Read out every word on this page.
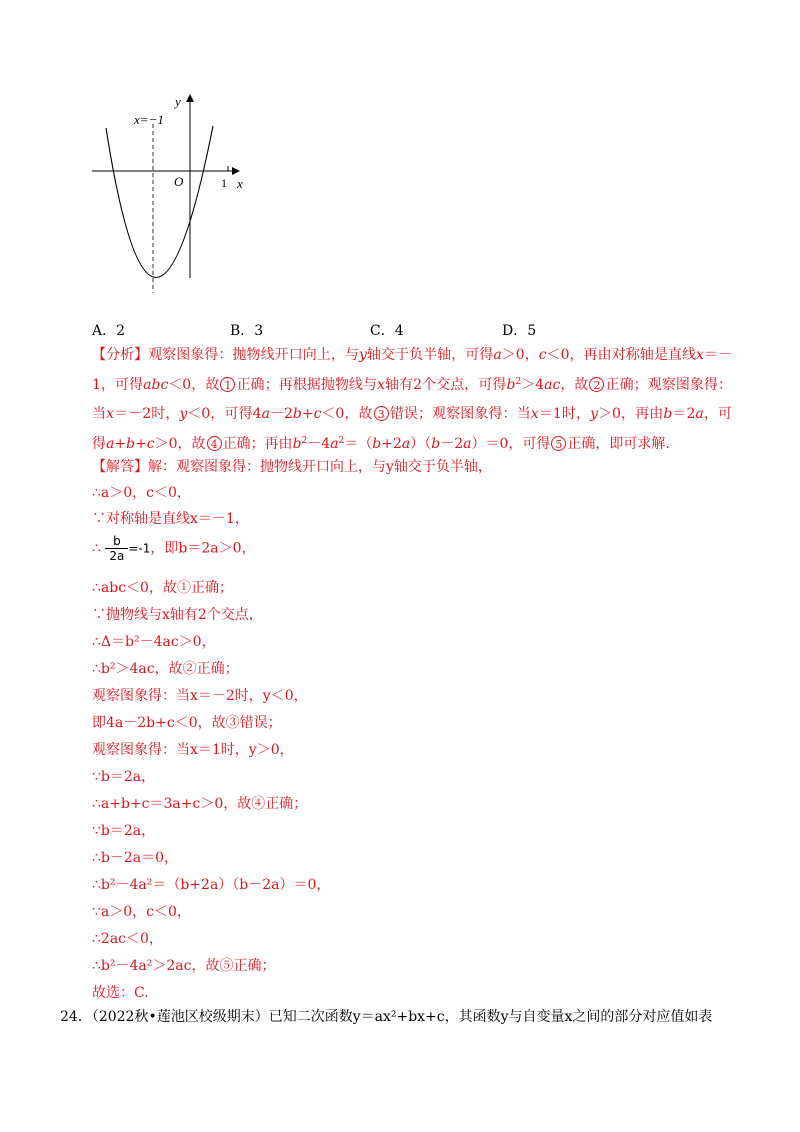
y
x
O	1
x=−1
A．2	B．3	C．4	D．5
【分析】观察图象得：抛物线开口向上，与y轴交于负半轴，可得a＞0，c＜0，再由对称轴是直线x＝－1，可得abc＜0，故 1 正确；再根据抛物线与x轴有2个交点，可得$b^2>4ac$，故 2 正确；观察图象得：当x＝－2时，y＜0，可得4a－2b+c＜0，故 3 错误；观察图象得：当x＝1时，y＞0，再由b＝2a，可得a+b+c＞0，故 4 正确；再由$b^2-4a^2=(b+2a)(b-2a)=0$，可得 5 正确，即可求解.
【解答】解：观察图象得：抛物线开口向上，与y轴交于负半轴，
∴a＞0，c＜0，
∵对称轴是直线x＝－1，
∴ $\frac{b}{2a} =-1$，即b＝2a＞0，
∴abc＜0，故①正确；
∵抛物线与x轴有2个交点，
∴Δ＝b²－4ac＞0，
∴b²＞4ac，故②正确；
观察图象得：当x＝－2时，y＜0，
即4a－2b+c＜0，故③错误；
观察图象得：当x＝1时，y＞0，
∵b＝2a，
∴a+b+c＝3a+c＞0，故④正确；
∵b＝2a，
∴b－2a＝0，
∴b²－4a²＝（b+2a）（b－2a）＝0，
∵a＞0，c＜0，
∴2ac＜0，
∴b²－4a²＞2ac，故⑤正确；
故选：C.
24．（2022秋•莲池区校级期末）已知二次函数y＝ax²+bx+c，其函数y与自变量x之间的部分对应值如表
